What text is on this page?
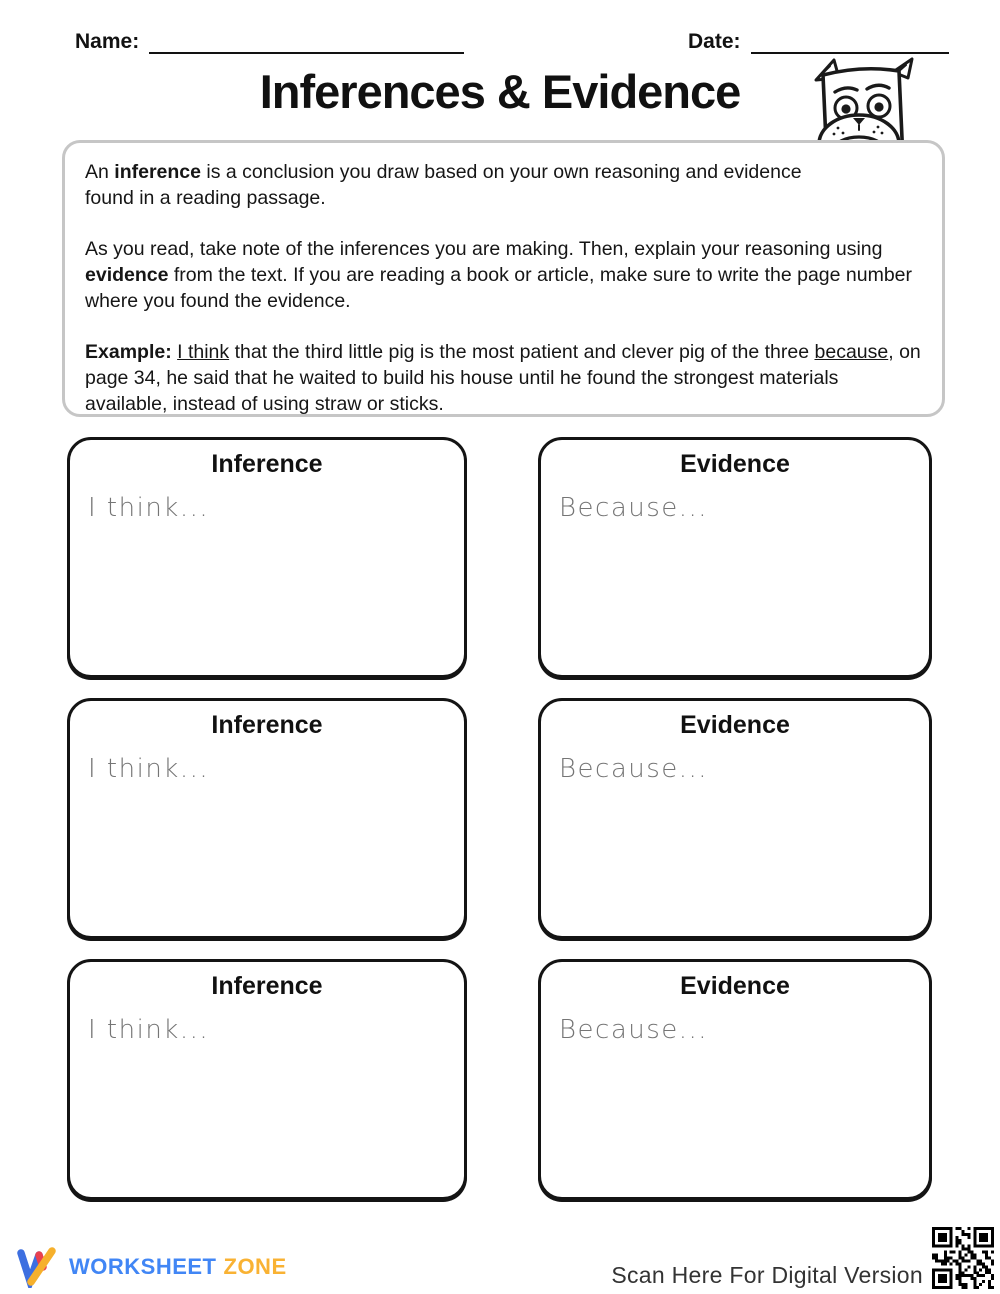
Name:	Date:
Inferences & Evidence

An inference is a conclusion you draw based on your own reasoning and evidence found in a reading passage.

As you read, take note of the inferences you are making. Then, explain your reasoning using evidence from the text. If you are reading a book or article, make sure to write the page number where you found the evidence.

Example: I think that the third little pig is the most patient and clever pig of the three because, on page 34, he said that he waited to build his house until he found the strongest materials available, instead of using straw or sticks.

Inference
I think...
Evidence
Because...
Inference
I think...
Evidence
Because...
Inference
I think...
Evidence
Because...
WORKSHEET ZONE	Scan Here For Digital Version
